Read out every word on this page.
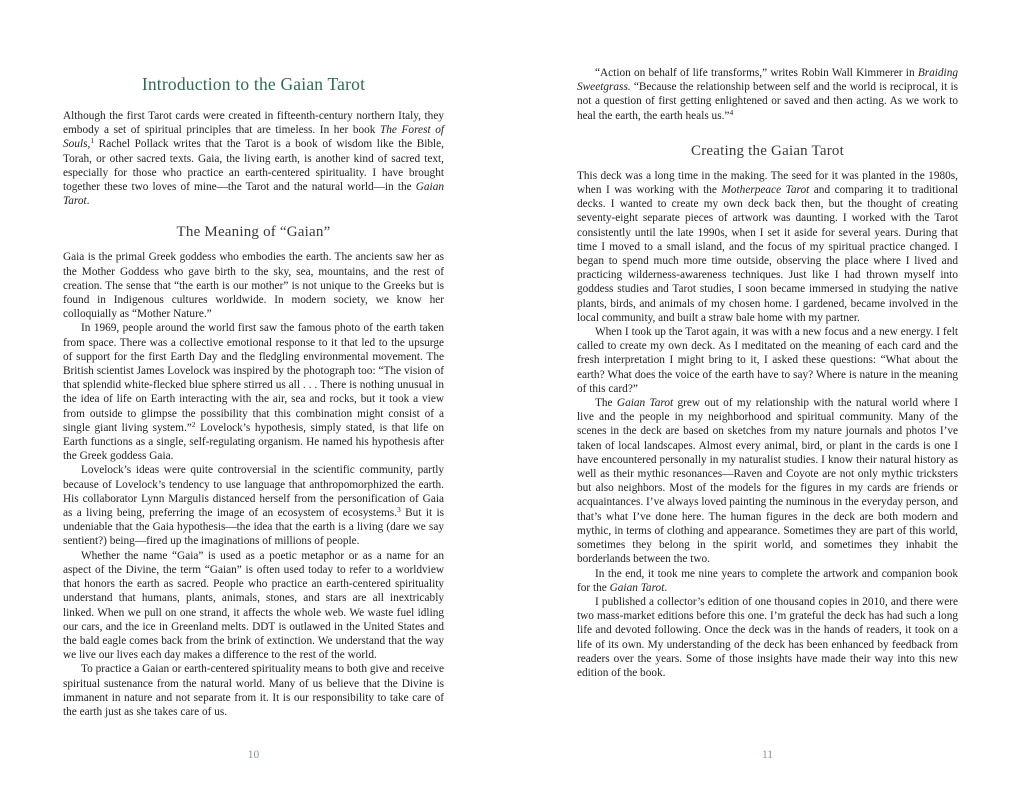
Introduction to the Gaian Tarot

Although the first Tarot cards were created in fifteenth-century northern Italy, they embody a set of spiritual principles that are timeless. In her book The Forest of Souls,$^1$ Rachel Pollack writes that the Tarot is a book of wisdom like the Bible, Torah, or other sacred texts. Gaia, the living earth, is another kind of sacred text, especially for those who practice an earth-centered spirituality. I have brought together these two loves of mine—the Tarot and the natural world—in the Gaian Tarot.

The Meaning of “Gaian”

Gaia is the primal Greek goddess who embodies the earth. The ancients saw her as the Mother Goddess who gave birth to the sky, sea, mountains, and the rest of creation. The sense that “the earth is our mother” is not unique to the Greeks but is found in Indigenous cultures worldwide. In modern society, we know her colloquially as “Mother Nature.”

In 1969, people around the world first saw the famous photo of the earth taken from space. There was a collective emotional response to it that led to the upsurge of support for the first Earth Day and the fledgling environmental movement. The British scientist James Lovelock was inspired by the photograph too: “The vision of that splendid white-flecked blue sphere stirred us all . . . There is nothing unusual in the idea of life on Earth interacting with the air, sea and rocks, but it took a view from outside to glimpse the possibility that this combination might consist of a single giant living system.”$^2$ Lovelock’s hypothesis, simply stated, is that life on Earth functions as a single, self-regulating organism. He named his hypothesis after the Greek goddess Gaia.

Lovelock’s ideas were quite controversial in the scientific community, partly because of Lovelock’s tendency to use language that anthropomorphized the earth. His collaborator Lynn Margulis distanced herself from the personification of Gaia as a living being, preferring the image of an ecosystem of ecosystems.$^3$ But it is undeniable that the Gaia hypothesis—the idea that the earth is a living (dare we say sentient?) being—fired up the imaginations of millions of people.

Whether the name “Gaia” is used as a poetic metaphor or as a name for an aspect of the Divine, the term “Gaian” is often used today to refer to a worldview that honors the earth as sacred. People who practice an earth-centered spirituality understand that humans, plants, animals, stones, and stars are all inextricably linked. When we pull on one strand, it affects the whole web. We waste fuel idling our cars, and the ice in Greenland melts. DDT is outlawed in the United States and the bald eagle comes back from the brink of extinction. We understand that the way we live our lives each day makes a difference to the rest of the world.

To practice a Gaian or earth-centered spirituality means to both give and receive spiritual sustenance from the natural world. Many of us believe that the Divine is immanent in nature and not separate from it. It is our responsibility to take care of the earth just as she takes care of us.

10

“Action on behalf of life transforms,” writes Robin Wall Kimmerer in Braiding Sweetgrass. “Because the relationship between self and the world is reciprocal, it is not a question of first getting enlightened or saved and then acting. As we work to heal the earth, the earth heals us.”$^4$

Creating the Gaian Tarot

This deck was a long time in the making. The seed for it was planted in the 1980s, when I was working with the Motherpeace Tarot and comparing it to traditional decks. I wanted to create my own deck back then, but the thought of creating seventy-eight separate pieces of artwork was daunting. I worked with the Tarot consistently until the late 1990s, when I set it aside for several years. During that time I moved to a small island, and the focus of my spiritual practice changed. I began to spend much more time outside, observing the place where I lived and practicing wilderness-awareness techniques. Just like I had thrown myself into goddess studies and Tarot studies, I soon became immersed in studying the native plants, birds, and animals of my chosen home. I gardened, became involved in the local community, and built a straw bale home with my partner.

When I took up the Tarot again, it was with a new focus and a new energy. I felt called to create my own deck. As I meditated on the meaning of each card and the fresh interpretation I might bring to it, I asked these questions: “What about the earth? What does the voice of the earth have to say? Where is nature in the meaning of this card?”

The Gaian Tarot grew out of my relationship with the natural world where I live and the people in my neighborhood and spiritual community. Many of the scenes in the deck are based on sketches from my nature journals and photos I’ve taken of local landscapes. Almost every animal, bird, or plant in the cards is one I have encountered personally in my naturalist studies. I know their natural history as well as their mythic resonances—Raven and Coyote are not only mythic tricksters but also neighbors. Most of the models for the figures in my cards are friends or acquaintances. I’ve always loved painting the numinous in the everyday person, and that’s what I’ve done here. The human figures in the deck are both modern and mythic, in terms of clothing and appearance. Sometimes they are part of this world, sometimes they belong in the spirit world, and sometimes they inhabit the borderlands between the two.

In the end, it took me nine years to complete the artwork and companion book for the Gaian Tarot.

I published a collector’s edition of one thousand copies in 2010, and there were two mass-market editions before this one. I’m grateful the deck has had such a long life and devoted following. Once the deck was in the hands of readers, it took on a life of its own. My understanding of the deck has been enhanced by feedback from readers over the years. Some of those insights have made their way into this new edition of the book.

11
